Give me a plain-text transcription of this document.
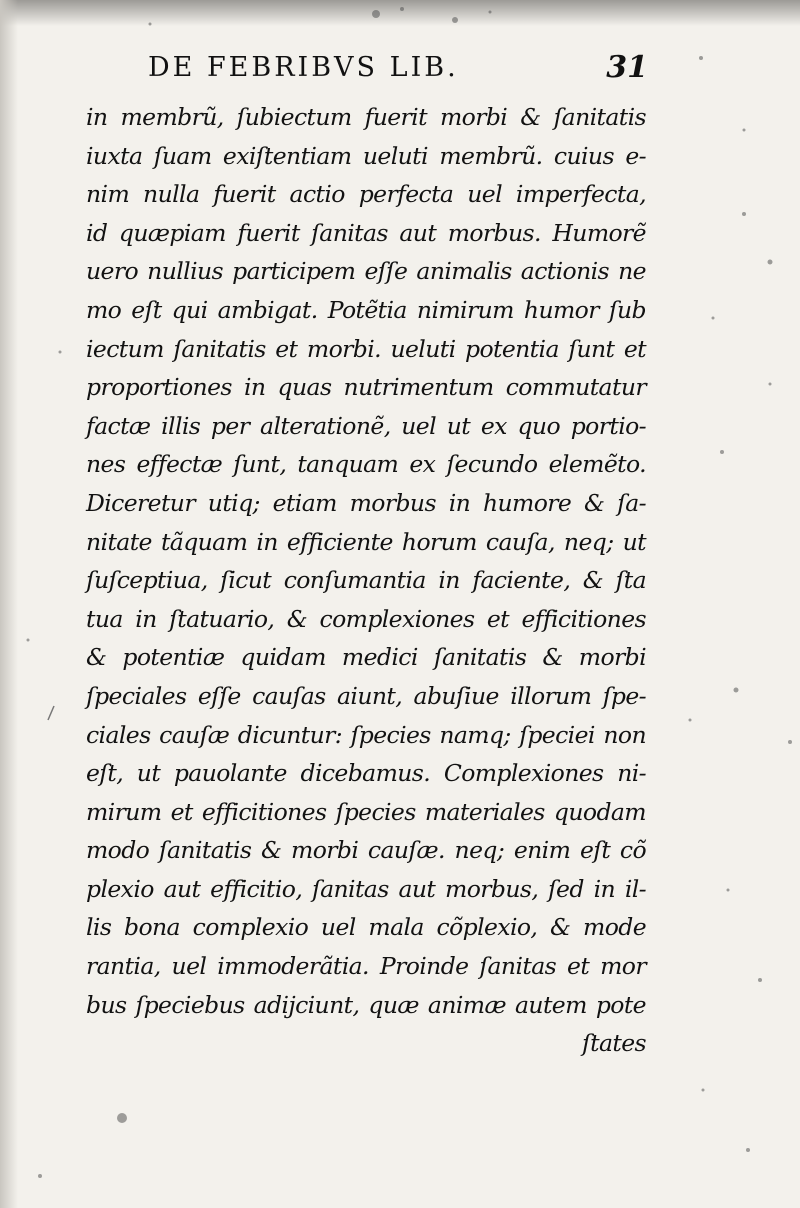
DE FEBRIBVS LIB.	31
in membrũ, ſubiectum fuerit morbi & ſanitatis
iuxta ſuam exiſtentiam ueluti membrũ. cuius e-
nim nulla fuerit actio perfecta uel imperfecta,
id quæpiam fuerit ſanitas aut morbus. Humorẽ
uero nullius participem eſſe animalis actionis ne
mo eſt qui ambigat. Potẽtia nimirum humor ſub
iectum ſanitatis et morbi. ueluti potentia ſunt et
proportiones in quas nutrimentum commutatur
factæ illis per alterationẽ, uel ut ex quo portio-
nes effectæ ſunt, tanquam ex ſecundo elemẽto.
Diceretur utiq; etiam morbus in humore & ſa-
nitate tãquam in efficiente horum cauſa, neq; ut
ſuſceptiua, ſicut conſumantia in faciente, & ſta
tua in ſtatuario, & complexiones et efficitiones
& potentiæ quidam medici ſanitatis & morbi
ſpeciales eſſe cauſas aiunt, abuſiue illorum ſpe-
ciales cauſæ dicuntur: ſpecies namq; ſpeciei non
eſt, ut pauolante dicebamus. Complexiones ni-
mirum et efficitiones ſpecies materiales quodam
modo ſanitatis & morbi cauſæ. neq; enim eſt cõ
plexio aut efficitio, ſanitas aut morbus, ſed in il-
lis bona complexio uel mala cõplexio, & mode
rantia, uel immoderãtia. Proinde ſanitas et mor
bus ſpeciebus adijciunt, quæ animæ autem pote
ſtates
